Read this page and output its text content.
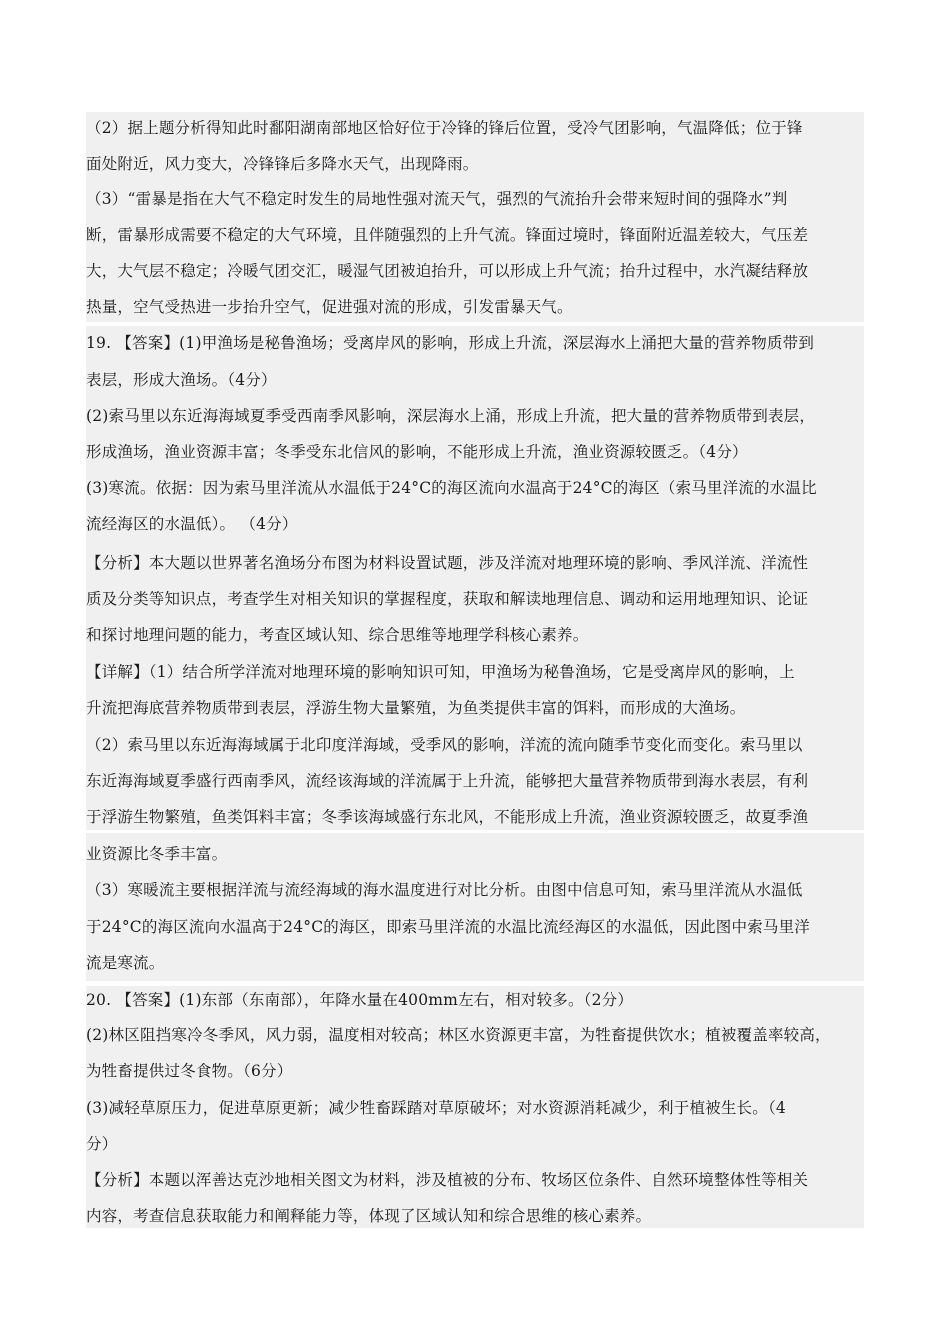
（2）据上题分析得知此时鄱阳湖南部地区恰好位于冷锋的锋后位置，受冷气团影响，气温降低；位于锋
面处附近，风力变大，冷锋锋后多降水天气，出现降雨。
（3）“雷暴是指在大气不稳定时发生的局地性强对流天气，强烈的气流抬升会带来短时间的强降水”判
断，雷暴形成需要不稳定的大气环境，且伴随强烈的上升气流。锋面过境时，锋面附近温差较大，气压差
大，大气层不稳定；冷暖气团交汇，暖湿气团被迫抬升，可以形成上升气流；抬升过程中，水汽凝结释放
热量，空气受热进一步抬升空气，促进强对流的形成，引发雷暴天气。
19. 【答案】(1)甲渔场是秘鲁渔场；受离岸风的影响，形成上升流，深层海水上涌把大量的营养物质带到
表层，形成大渔场。（4分）
(2)索马里以东近海海域夏季受西南季风影响，深层海水上涌，形成上升流，把大量的营养物质带到表层，
形成渔场，渔业资源丰富；冬季受东北信风的影响，不能形成上升流，渔业资源较匮乏。（4分）
(3)寒流。依据：因为索马里洋流从水温低于24°C的海区流向水温高于24°C的海区（索马里洋流的水温比
流经海区的水温低）。 （4分）
【分析】本大题以世界著名渔场分布图为材料设置试题，涉及洋流对地理环境的影响、季风洋流、洋流性
质及分类等知识点，考查学生对相关知识的掌握程度，获取和解读地理信息、调动和运用地理知识、论证
和探讨地理问题的能力，考查区域认知、综合思维等地理学科核心素养。
【详解】（1）结合所学洋流对地理环境的影响知识可知，甲渔场为秘鲁渔场，它是受离岸风的影响，上
升流把海底营养物质带到表层，浮游生物大量繁殖，为鱼类提供丰富的饵料，而形成的大渔场。
（2）索马里以东近海海域属于北印度洋海域，受季风的影响，洋流的流向随季节变化而变化。索马里以
东近海海域夏季盛行西南季风，流经该海域的洋流属于上升流，能够把大量营养物质带到海水表层，有利
于浮游生物繁殖，鱼类饵料丰富；冬季该海域盛行东北风，不能形成上升流，渔业资源较匮乏，故夏季渔
业资源比冬季丰富。
（3）寒暖流主要根据洋流与流经海域的海水温度进行对比分析。由图中信息可知，索马里洋流从水温低
于24°C的海区流向水温高于24°C的海区，即索马里洋流的水温比流经海区的水温低，因此图中索马里洋
流是寒流。
20. 【答案】(1)东部（东南部），年降水量在400mm左右，相对较多。（2分）
(2)林区阻挡寒冷冬季风，风力弱，温度相对较高；林区水资源更丰富，为牲畜提供饮水；植被覆盖率较高，
为牲畜提供过冬食物。（6分）
(3)减轻草原压力，促进草原更新；减少牲畜踩踏对草原破坏；对水资源消耗减少，利于植被生长。（4
分）
【分析】本题以浑善达克沙地相关图文为材料，涉及植被的分布、牧场区位条件、自然环境整体性等相关
内容，考查信息获取能力和阐释能力等，体现了区域认知和综合思维的核心素养。
